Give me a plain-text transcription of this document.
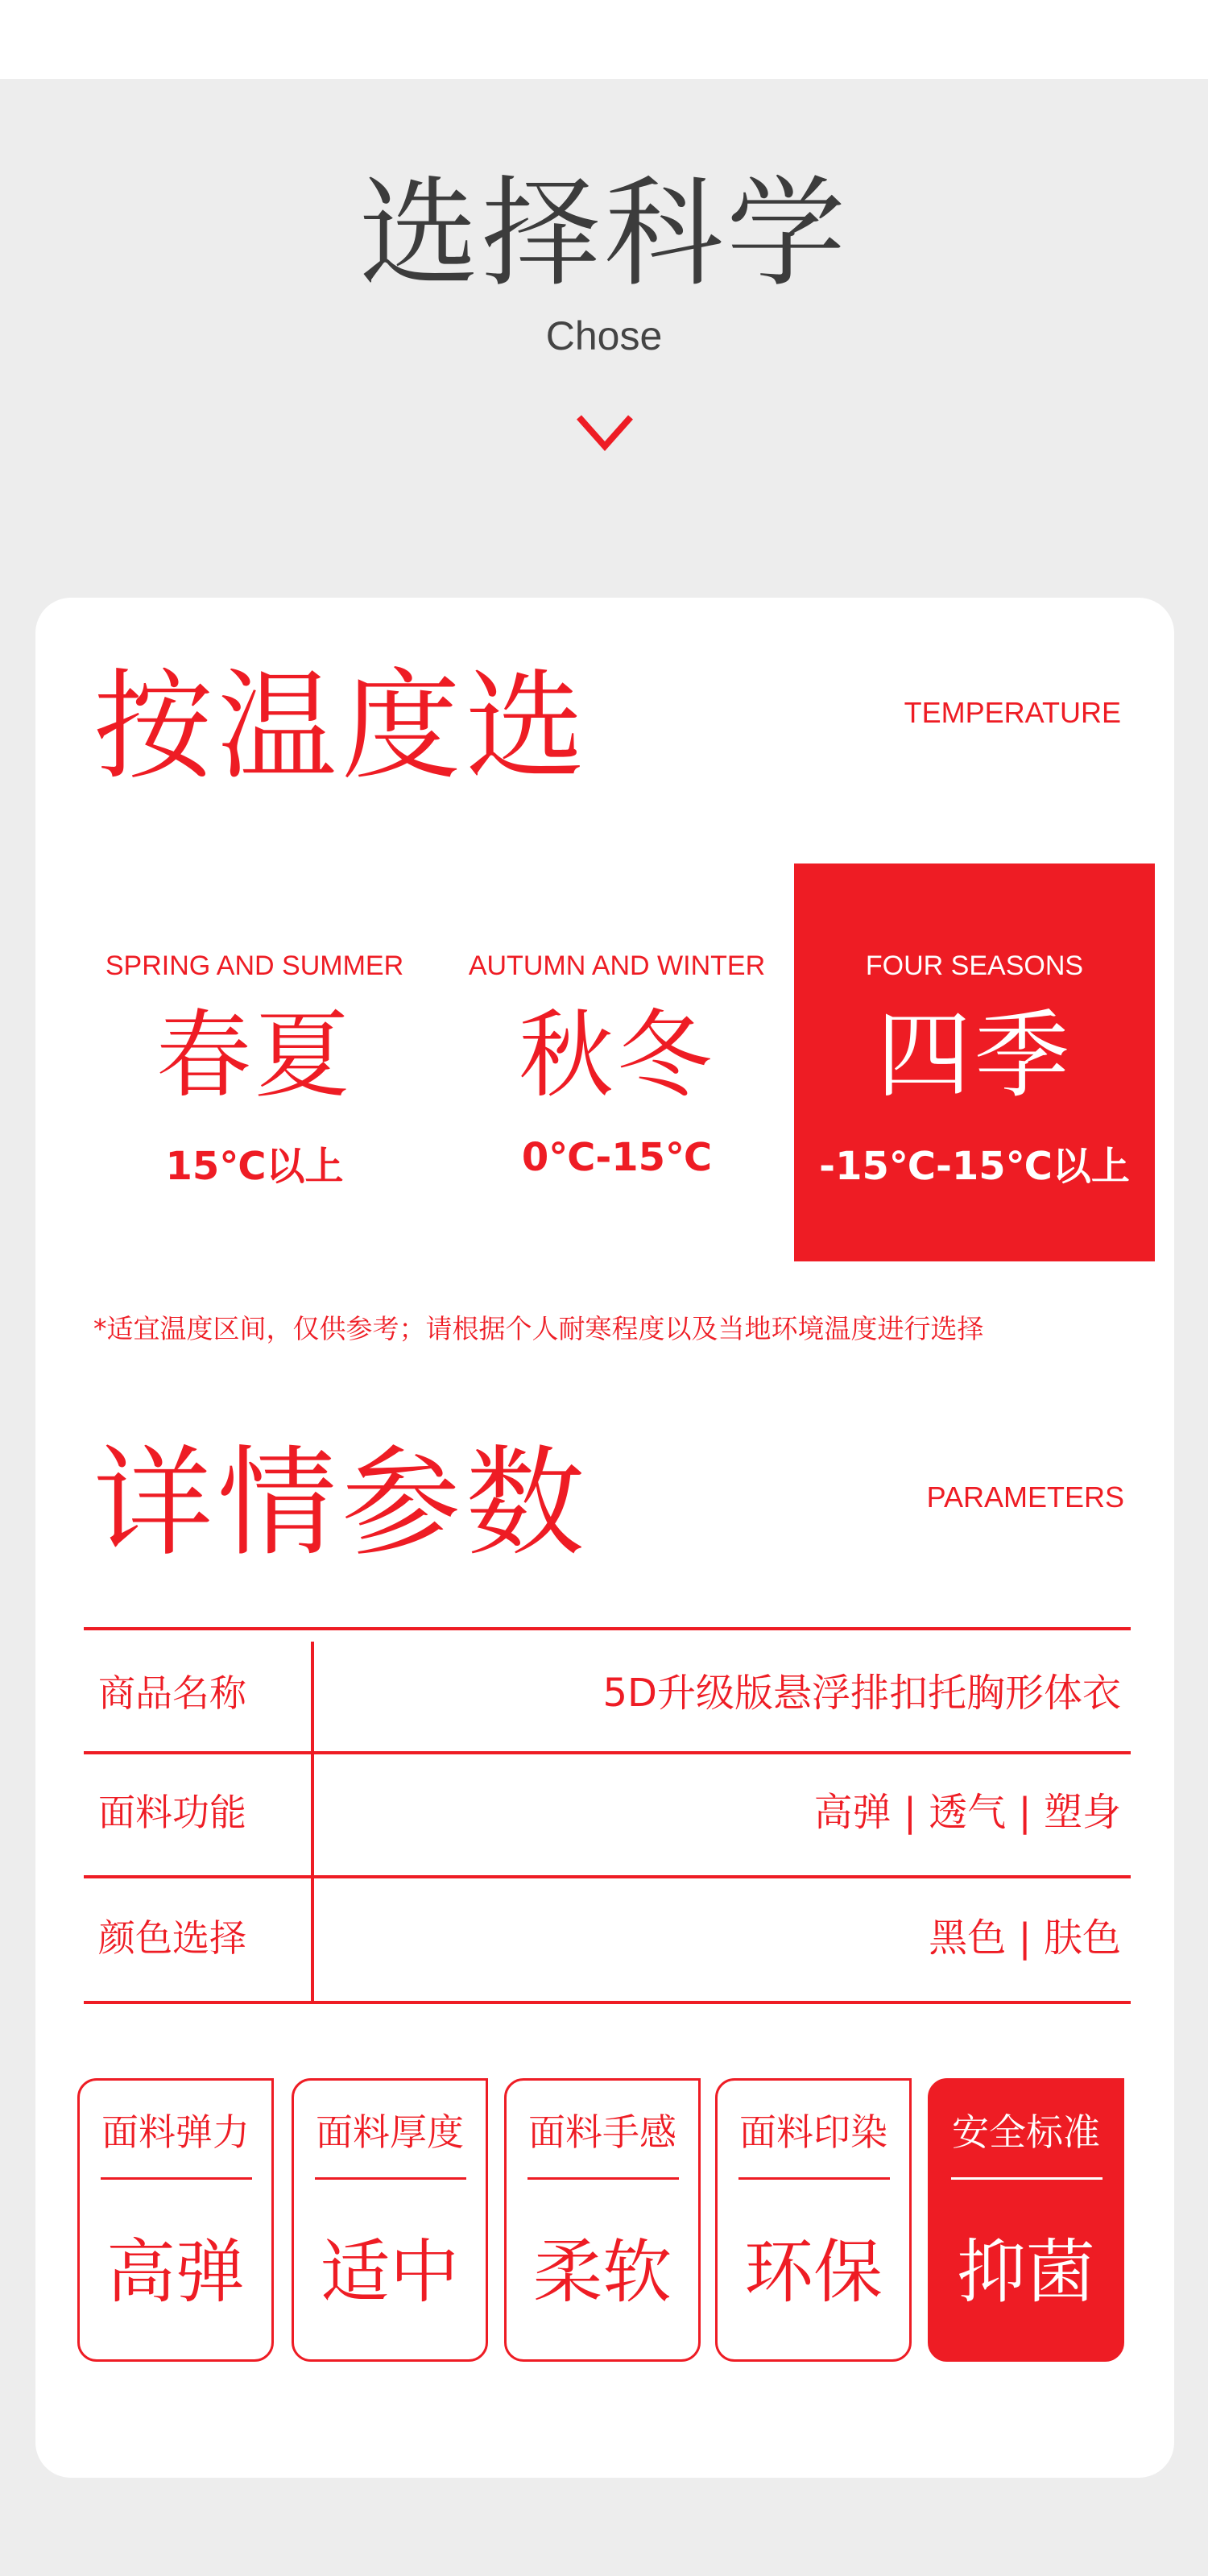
选择科学
Chose
按温度选	TEMPERATURE
SPRING AND SUMMER
春夏
15℃以上
AUTUMN AND WINTER
秋冬
0℃-15℃
FOUR SEASONS
四季
-15℃-15℃以上
*适宜温度区间，仅供参考；请根据个人耐寒程度以及当地环境温度进行选择
详情参数	PARAMETERS
商品名称	5D升级版悬浮排扣托胸形体衣
面料功能	高弹 | 透气 | 塑身
颜色选择	黑色 | 肤色
面料弹力
高弹
面料厚度
适中
面料手感
柔软
面料印染
环保
安全标准
抑菌
